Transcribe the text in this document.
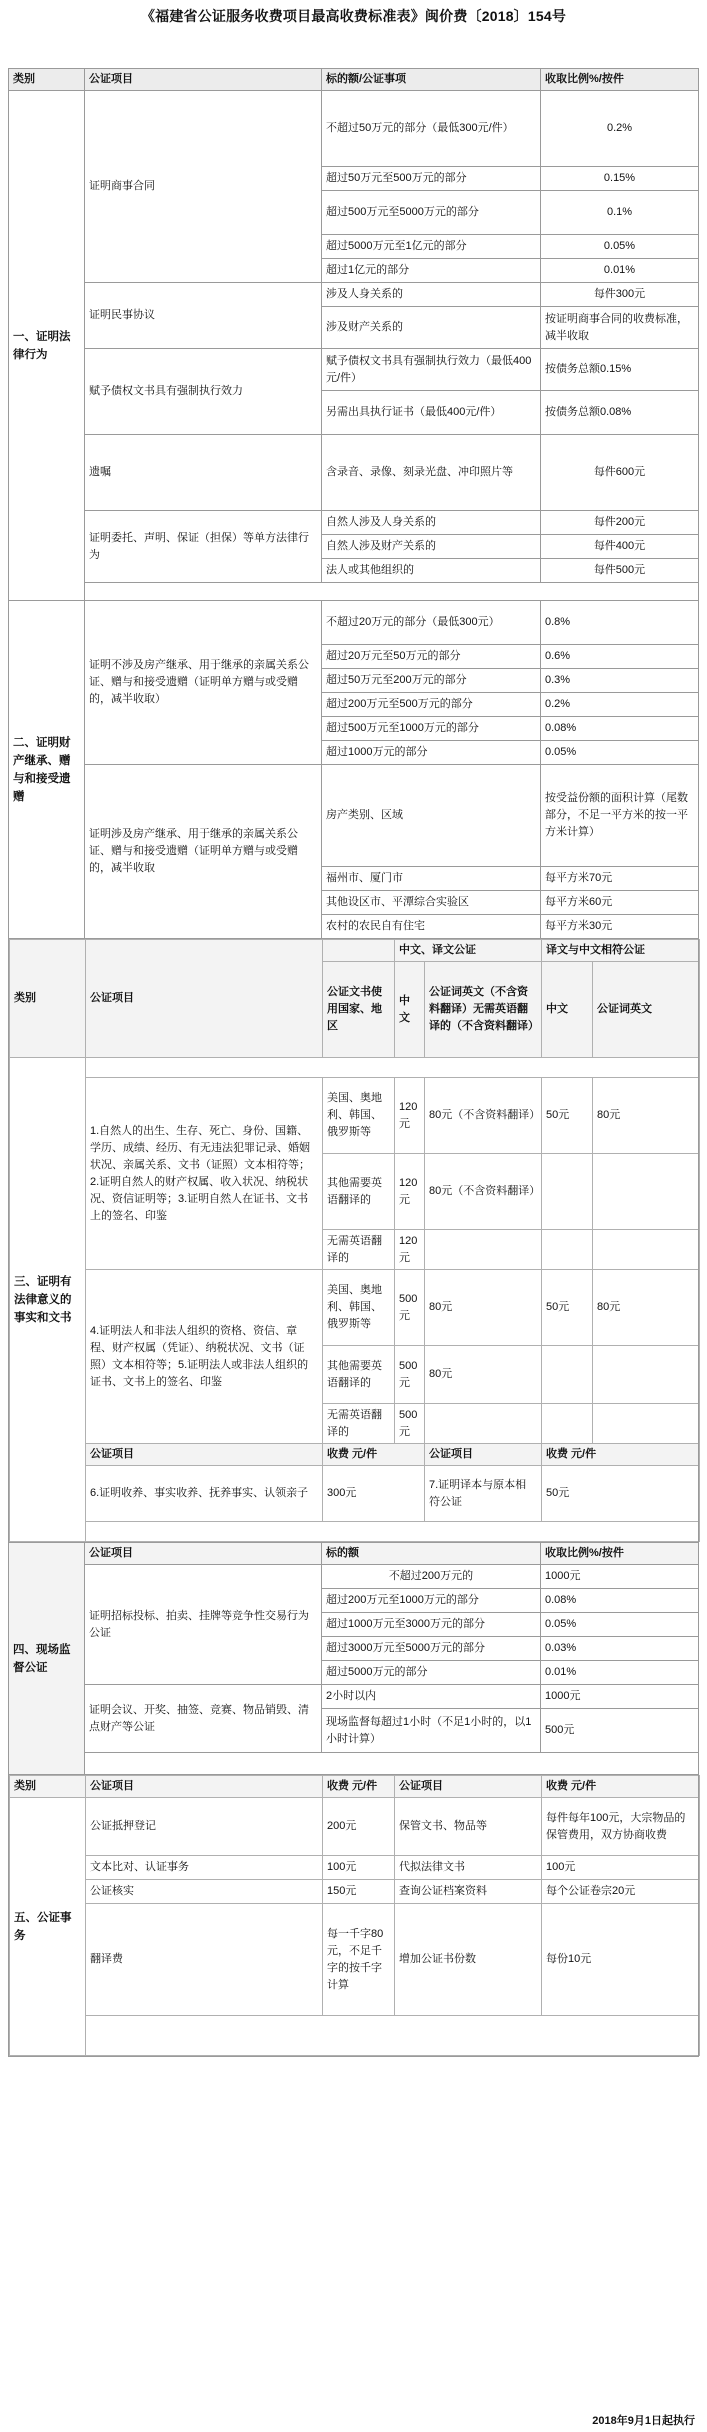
《福建省公证服务收费项目最高收费标准表》闽价费〔2018〕154号
类别	公证项目	标的额/公证事项	收取比例%/按件
一、证明法律行为	证明商事合同	不超过50万元的部分（最低300元/件）	0.2%
超过50万元至500万元的部分	0.15%
超过500万元至5000万元的部分	0.1%
超过5000万元至1亿元的部分	0.05%
超过1亿元的部分	0.01%
证明民事协议	涉及人身关系的	每件300元
涉及财产关系的	按证明商事合同的收费标准，减半收取
赋予债权文书具有强制执行效力	赋予债权文书具有强制执行效力（最低400元/件）	按债务总额0.15%
另需出具执行证书（最低400元/件）	按债务总额0.08%
遗嘱	含录音、录像、刻录光盘、冲印照片等	每件600元
证明委托、声明、保证（担保）等单方法律行为	自然人涉及人身关系的	每件200元
自然人涉及财产关系的	每件400元
法人或其他组织的	每件500元

二、证明财产继承、赠与和接受遗赠	证明不涉及房产继承、用于继承的亲属关系公证、赠与和接受遗赠（证明单方赠与或受赠的，减半收取）	不超过20万元的部分（最低300元）	0.8%
超过20万元至50万元的部分	0.6%
超过50万元至200万元的部分	0.3%
超过200万元至500万元的部分	0.2%
超过500万元至1000万元的部分	0.08%
超过1000万元的部分	0.05%
证明涉及房产继承、用于继承的亲属关系公证、赠与和接受遗赠（证明单方赠与或受赠的，减半收取	房产类别、区域	按受益份额的面积计算（尾数部分，不足一平方米的按一平方米计算）
福州市、厦门市	每平方米70元
其他设区市、平潭综合实验区	每平方米60元
农村的农民自有住宅	每平方米30元

类别	公证项目		中文、译文公证	译文与中文相符公证
公证文书使用国家、地区	中文	公证词英文（不含资料翻译）无需英语翻译的（不含资料翻译）	中文	公证词英文
三、证明有法律意义的事实和文书	
1.自然人的出生、生存、死亡、身份、国籍、学历、成绩、经历、有无违法犯罪记录、婚姻状况、亲属关系、文书（证照）文本相符等；2.证明自然人的财产权属、收入状况、纳税状况、资信证明等；3.证明自然人在证书、文书上的签名、印鉴	美国、奥地利、韩国、俄罗斯等	120元	80元（不含资料翻译）	50元	80元
其他需要英语翻译的	120元	80元（不含资料翻译）		
无需英语翻译的	120元			
4.证明法人和非法人组织的资格、资信、章程、财产权属（凭证）、纳税状况、文书（证照）文本相符等；5.证明法人或非法人组织的证书、文书上的签名、印鉴	美国、奥地利、韩国、俄罗斯等	500元	80元	50元	80元
其他需要英语翻译的	500元	80元		
无需英语翻译的	500元			
公证项目	收费 元/件	公证项目	收费 元/件
6.证明收养、事实收养、抚养事实、认领亲子	300元	7.证明译本与原本相符公证	50元

四、现场监督公证	公证项目	标的额	收取比例%/按件
证明招标投标、拍卖、挂牌等竞争性交易行为公证	不超过200万元的	1000元
超过200万元至1000万元的部分	0.08%
超过1000万元至3000万元的部分	0.05%
超过3000万元至5000万元的部分	0.03%
超过5000万元的部分	0.01%
证明会议、开奖、抽签、竞赛、物品销毁、清点财产等公证	2小时以内	1000元
现场监督每超过1小时（不足1小时的，以1小时计算）	500元

类别	公证项目	收费 元/件	公证项目	收费 元/件
五、公证事务	公证抵押登记	200元	保管文书、物品等	每件每年100元，大宗物品的保管费用，双方协商收费
文本比对、认证事务	100元	代拟法律文书	100元
公证核实	150元	查询公证档案资料	每个公证卷宗20元
翻译费	每一千字80元，不足千字的按千字计算	增加公证书份数	每份10元

2018年9月1日起执行
